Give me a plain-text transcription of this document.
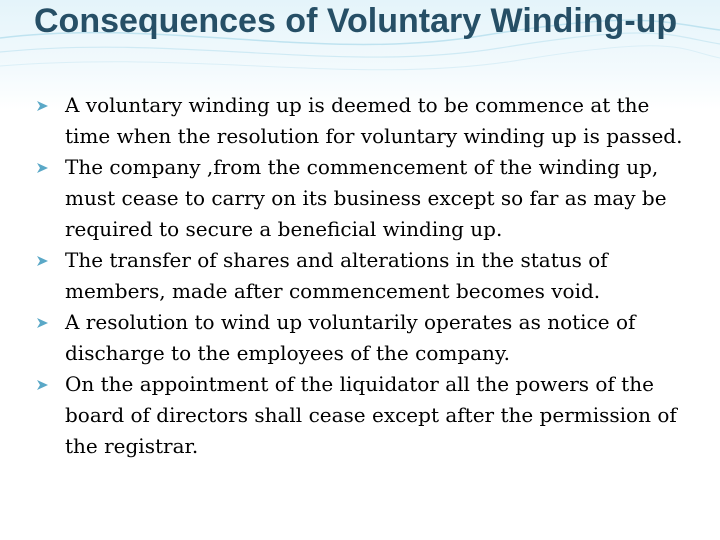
Consequences of Voluntary Winding-up
A voluntary winding up is deemed to be commence at the time when the resolution for voluntary winding up is passed.
The company ,from the commencement of the winding up, must cease to carry on its business except so far as may be required to secure a beneficial winding up.
The transfer of shares and alterations in the status of members, made after commencement becomes void.
A resolution to wind up voluntarily operates as notice of discharge to the employees of the company.
On the appointment of the liquidator all the powers of the board of directors shall cease except after the permission of the registrar.
